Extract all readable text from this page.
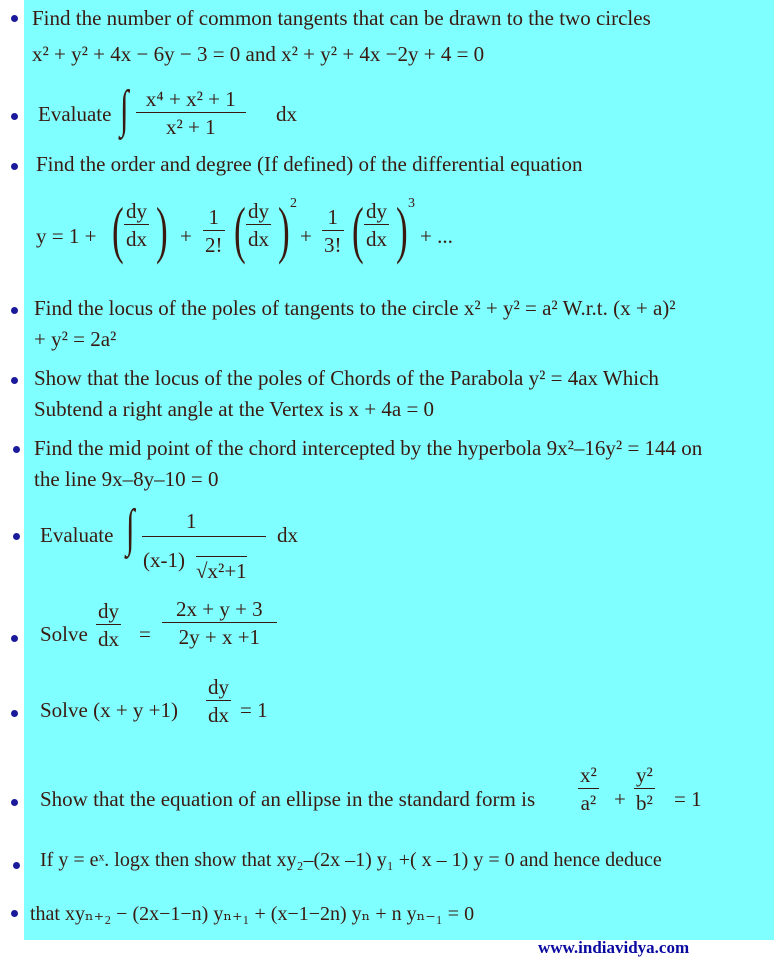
Find the number of common tangents that can be drawn to the two circles
x² + y² + 4x − 6y − 3 = 0 and x² + y² + 4x −2y + 4 = 0
Evaluate ∫ $\frac{\text{x⁴ + x² + 1}}{\text{x² + 1}}$ dx
Find the order and degree (If defined) of the differential equation
y = 1 + ( $\frac{dy}{dx}$ ) + $\frac{1}{2!}$ ( $\frac{dy}{dx}$ ) 2
+ $\frac{1}{3!}$ ( $\frac{dy}{dx}$ ) 3
+ ...
Find the locus of the poles of tangents to the circle x² + y² = a² W.r.t. (x + a)²
+ y² = 2a²
Show that the locus of the poles of Chords of the Parabola y² = 4ax Which
Subtend a right angle at the Vertex is x + 4a = 0
Find the mid point of the chord intercepted by the hyperbola 9x²–16y² = 144 on
the line 9x–8y–10 = 0
Evaluate ∫ 1
(x-1) √x²+1
dx
Solve $\frac{dy}{dx} = \frac{2x + y + 3}{2y + x +1}$
Solve $(x + y +1) \frac{dy}{dx} = 1$
Show that the equation of an ellipse in the standard form is $\frac{\text{x²}}{\text{a²}} + \frac{\text{y²}}{\text{b²}} = 1$
If y = eˣ. logx then show that xy₂–(2x –1) y₁ +( x – 1) y = 0 and hence deduce
that xyₙ₊₂ − (2x−1−n) yₙ₊₁ + (x−1−2n) yₙ + n yₙ₋₁ = 0
www.indiavidya.com
